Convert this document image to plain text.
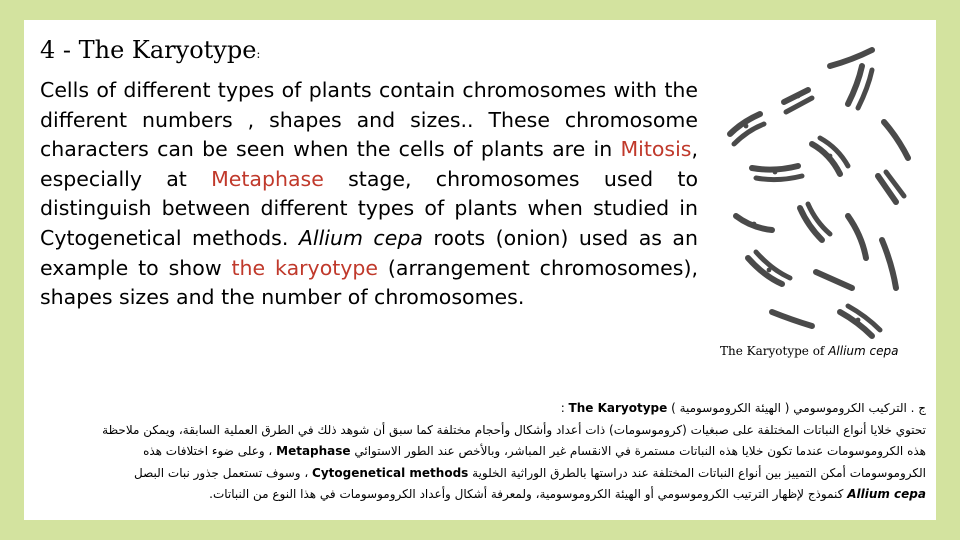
4 - The Karyotype:

Cells of different types of plants contain chromosomes with the different numbers , shapes and sizes.. These chromosome characters can be seen when the cells of plants are in Mitosis, especially at Metaphase stage, chromosomes used to distinguish between different types of plants when studied in Cytogenetical methods. Allium cepa roots (onion) used as an example to show the karyotype (arrangement chromosomes), shapes sizes and the number of chromosomes.

The Karyotype of Allium cepa
ج . التركيب الكروموسومي ( الهيئة الكروموسومية ) The Karyotype :
تحتوي خلايا أنواع النباتات المختلفة على صبغيات (كروموسومات) ذات أعداد وأشكال وأحجام مختلفة كما سبق أن شوهد ذلك في الطرق العملية السابقة، ويمكن ملاحظة
هذه الكروموسومات عندما تكون خلايا هذه النباتات مستمرة في الانقسام غير المباشر، وبالأخص عند الطور الاستوائي Metaphase ، وعلى ضوء اختلافات هذه
الكروموسومات أمكن التمييز بين أنواع النباتات المختلفة عند دراستها بالطرق الوراثية الخلوية Cytogenetical methods ، وسوف تستعمل جذور نبات البصل
Allium cepa كنموذج لإظهار الترتيب الكروموسومي أو الهيئة الكروموسومية، ولمعرفة أشكال وأعداد الكروموسومات في هذا النوع من النباتات.
